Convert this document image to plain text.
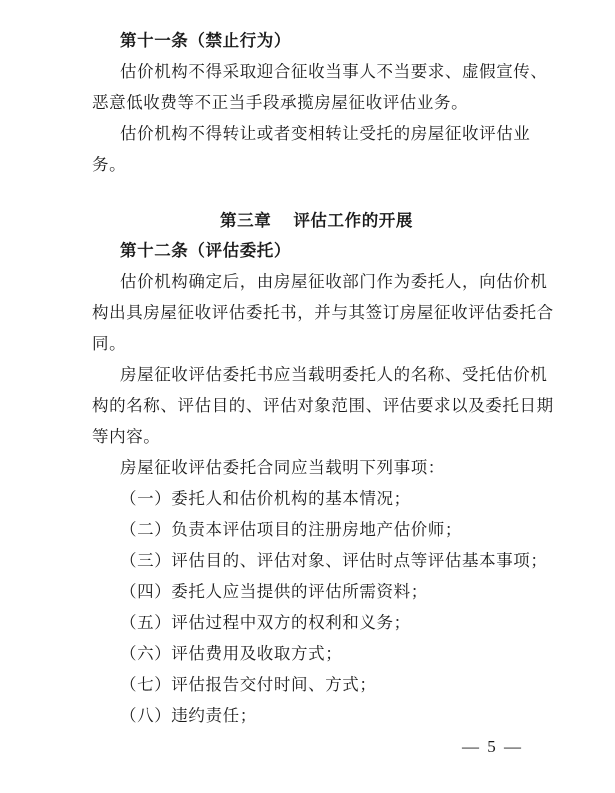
第十一条（禁止行为）
估价机构不得采取迎合征收当事人不当要求、虚假宣传、
恶意低收费等不正当手段承揽房屋征收评估业务。
估价机构不得转让或者变相转让受托的房屋征收评估业
务。
第三章 评估工作的开展
第十二条（评估委托）
估价机构确定后，由房屋征收部门作为委托人，向估价机
构出具房屋征收评估委托书，并与其签订房屋征收评估委托合
同。
房屋征收评估委托书应当载明委托人的名称、受托估价机
构的名称、评估目的、评估对象范围、评估要求以及委托日期
等内容。
房屋征收评估委托合同应当载明下列事项：
（一）委托人和估价机构的基本情况；
（二）负责本评估项目的注册房地产估价师；
（三）评估目的、评估对象、评估时点等评估基本事项；
（四）委托人应当提供的评估所需资料；
（五）评估过程中双方的权利和义务；
（六）评估费用及收取方式；
（七）评估报告交付时间、方式；
（八）违约责任；
— 5 —
